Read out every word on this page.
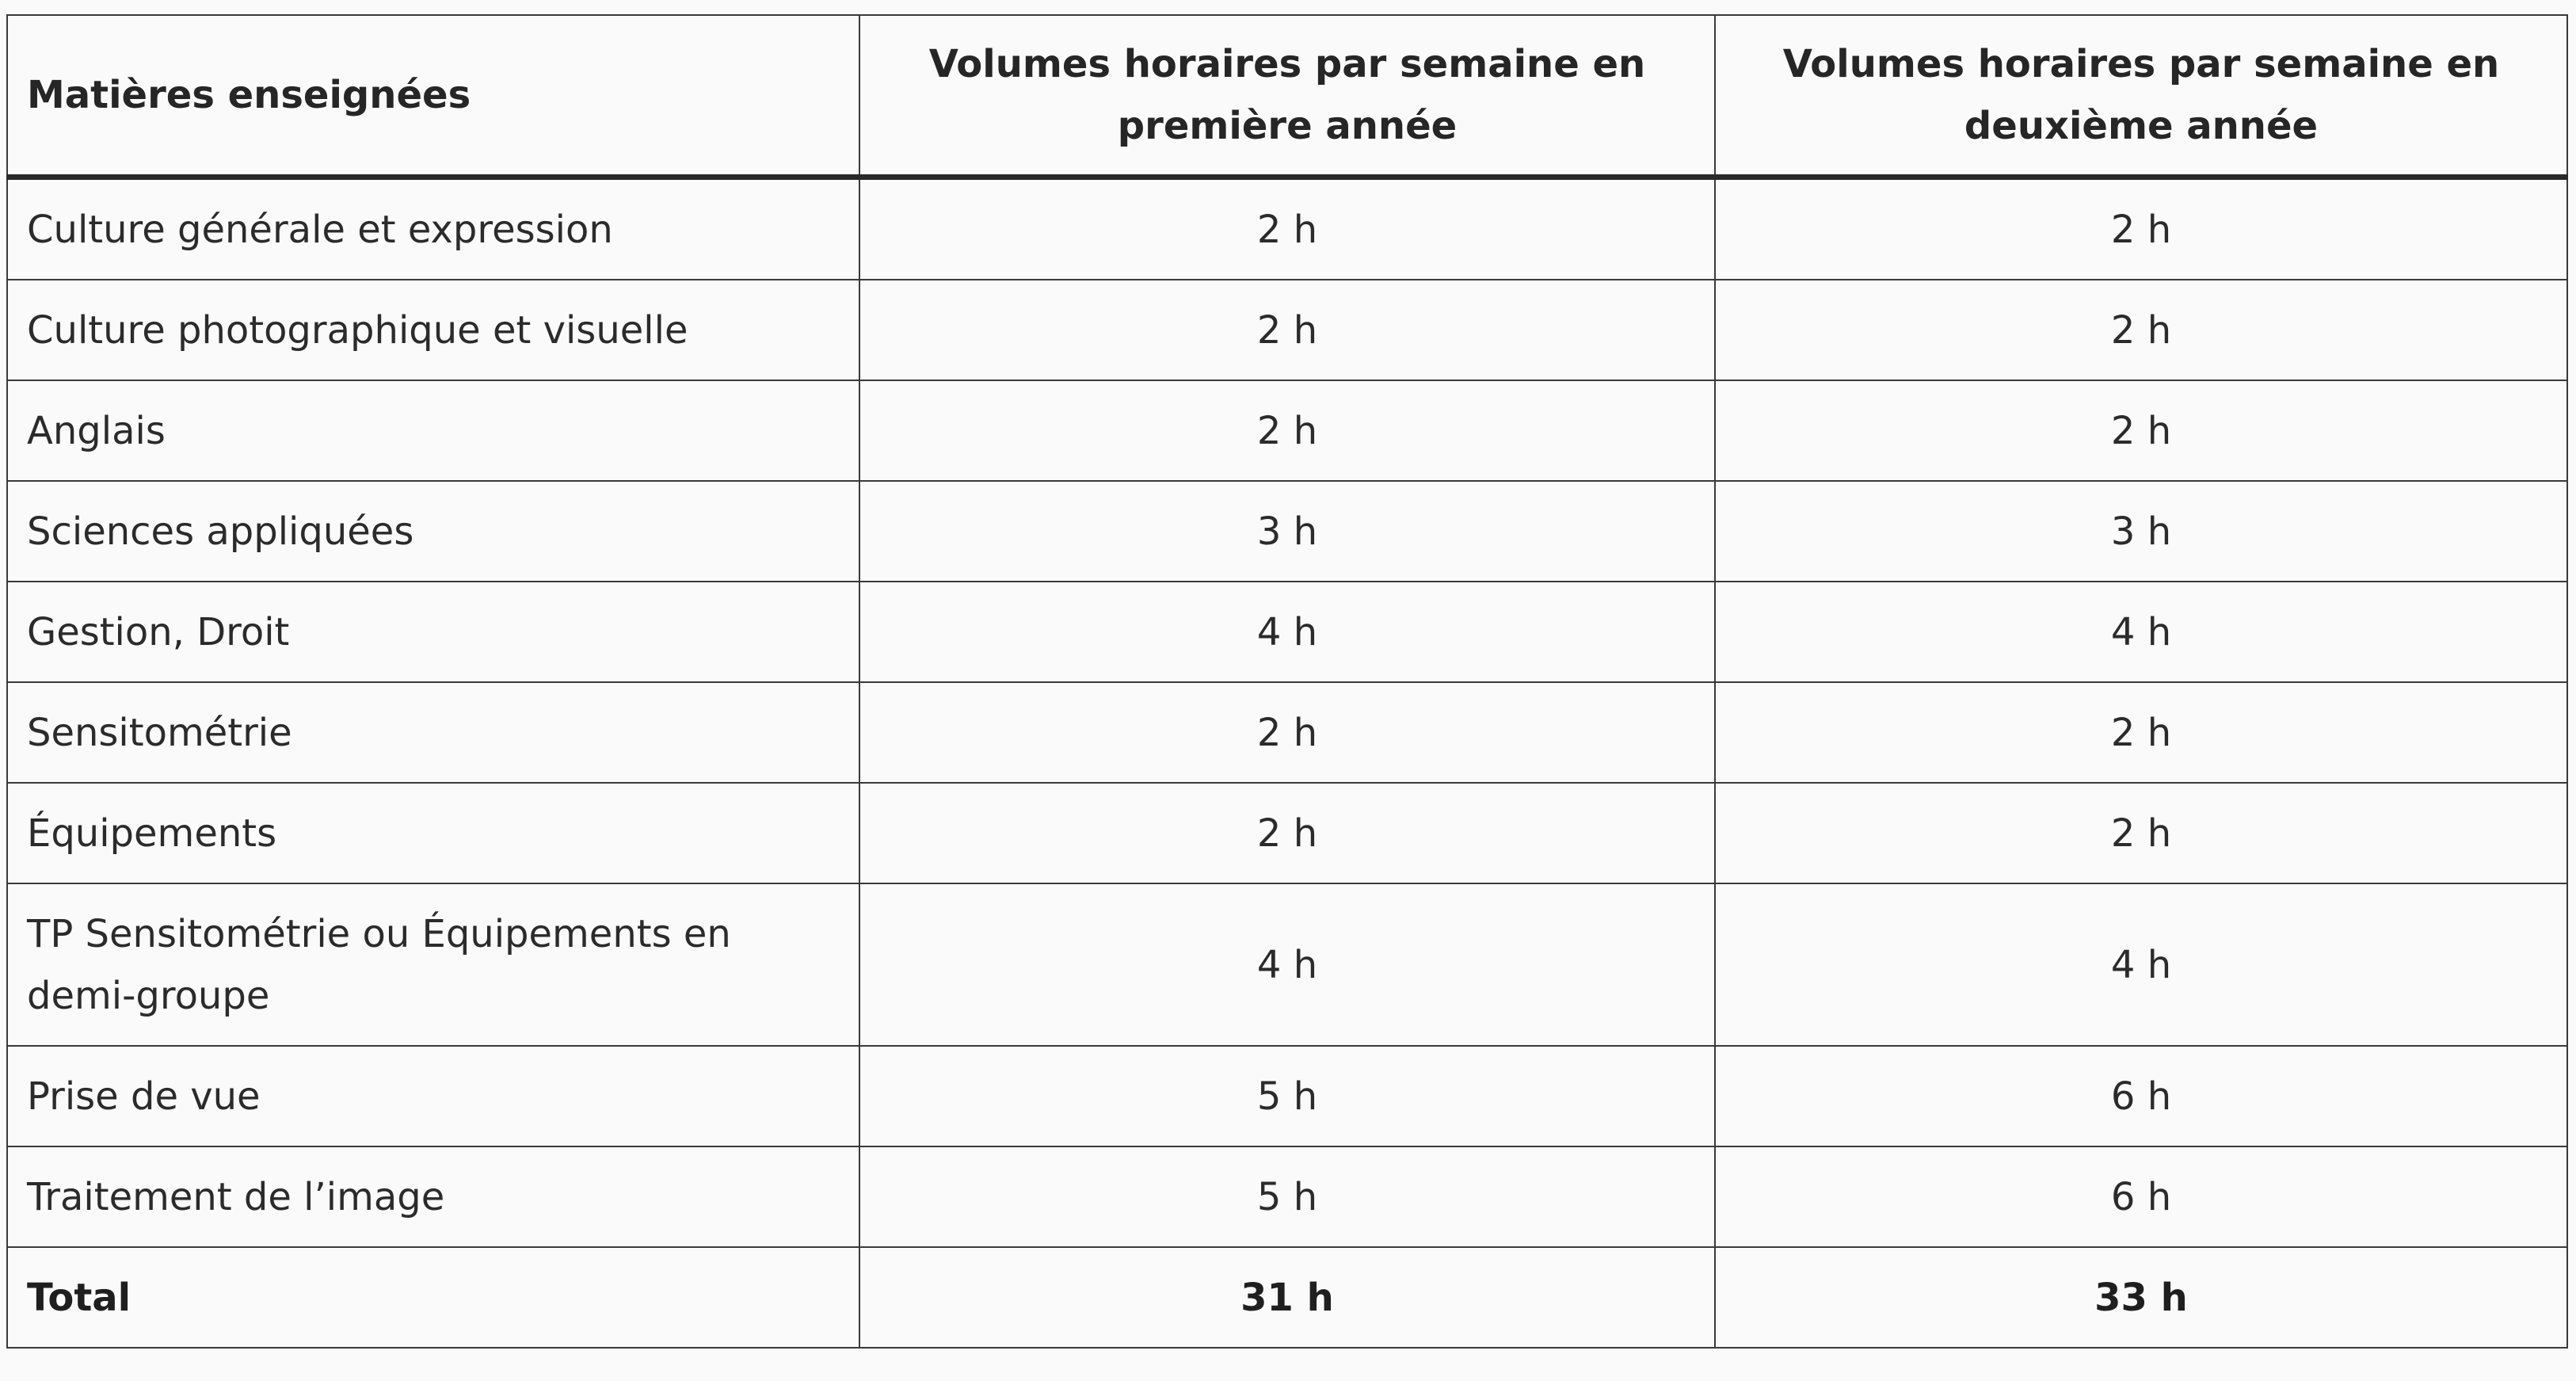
Matières enseignées	Volumes horaires par semaine en première année	Volumes horaires par semaine en deuxième année
Culture générale et expression	2 h	2 h
Culture photographique et visuelle	2 h	2 h
Anglais	2 h	2 h
Sciences appliquées	3 h	3 h
Gestion, Droit	4 h	4 h
Sensitométrie	2 h	2 h
Équipements	2 h	2 h
TP Sensitométrie ou Équipements en demi-groupe	4 h	4 h
Prise de vue	5 h	6 h
Traitement de l’image	5 h	6 h
Total	31 h	33 h
